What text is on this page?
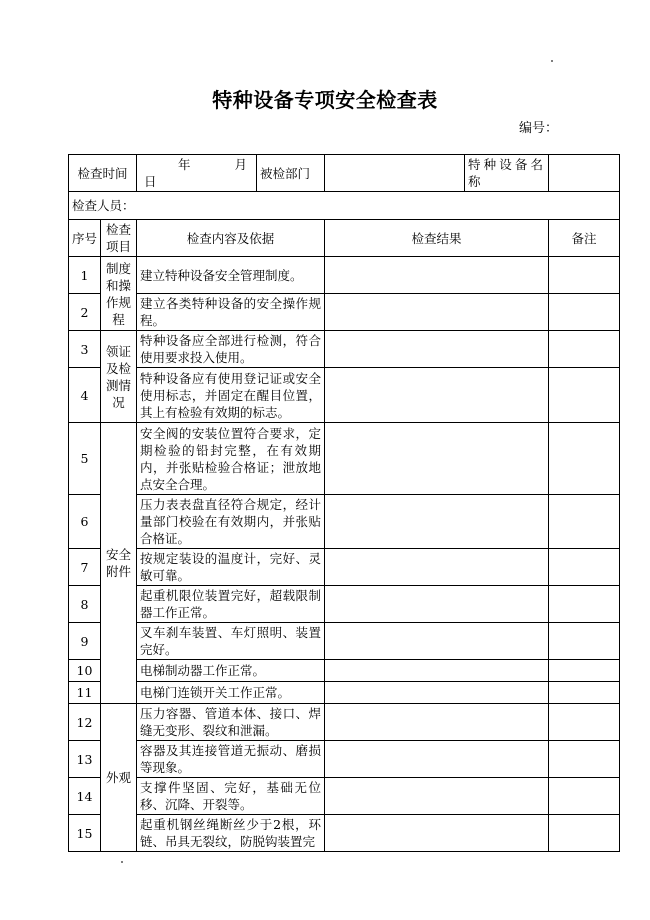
特种设备专项安全检查表
编号：
检查时间		年 月
日	被检部门		特种设备名称	

检查人员：						
序号	检查项目	检查内容及依据		检查结果		备注
1	制度和操作规程	建立特种设备安全管理制度。				
2		建立各类特种设备的安全操作规程。				
3	领证及检测情况	特种设备应全部进行检测，符合使用要求投入使用。				
4		特种设备应有使用登记证或安全使用标志，并固定在醒目位置，其上有检验有效期的标志。				
5	安全附件	安全阀的安装位置符合要求，定期检验的铅封完整，在有效期内，并张贴检验合格证；泄放地点安全合理。				
6		压力表表盘直径符合规定，经计量部门校验在有效期内，并张贴合格证。				
7		按规定装设的温度计，完好、灵敏可靠。				
8		起重机限位装置完好，超载限制器工作正常。				
9		叉车刹车装置、车灯照明、装置完好。				
10		电梯制动器工作正常。				
11		电梯门连锁开关工作正常。				
12	外观	压力容器、管道本体、接口、焊缝无变形、裂纹和泄漏。				
13		容器及其连接管道无振动、磨损等现象。				
14		支撑件坚固、完好，基础无位移、沉降、开裂等。				
15		起重机钢丝绳断丝少于2根，环链、吊具无裂纹，防脱钩装置完				
